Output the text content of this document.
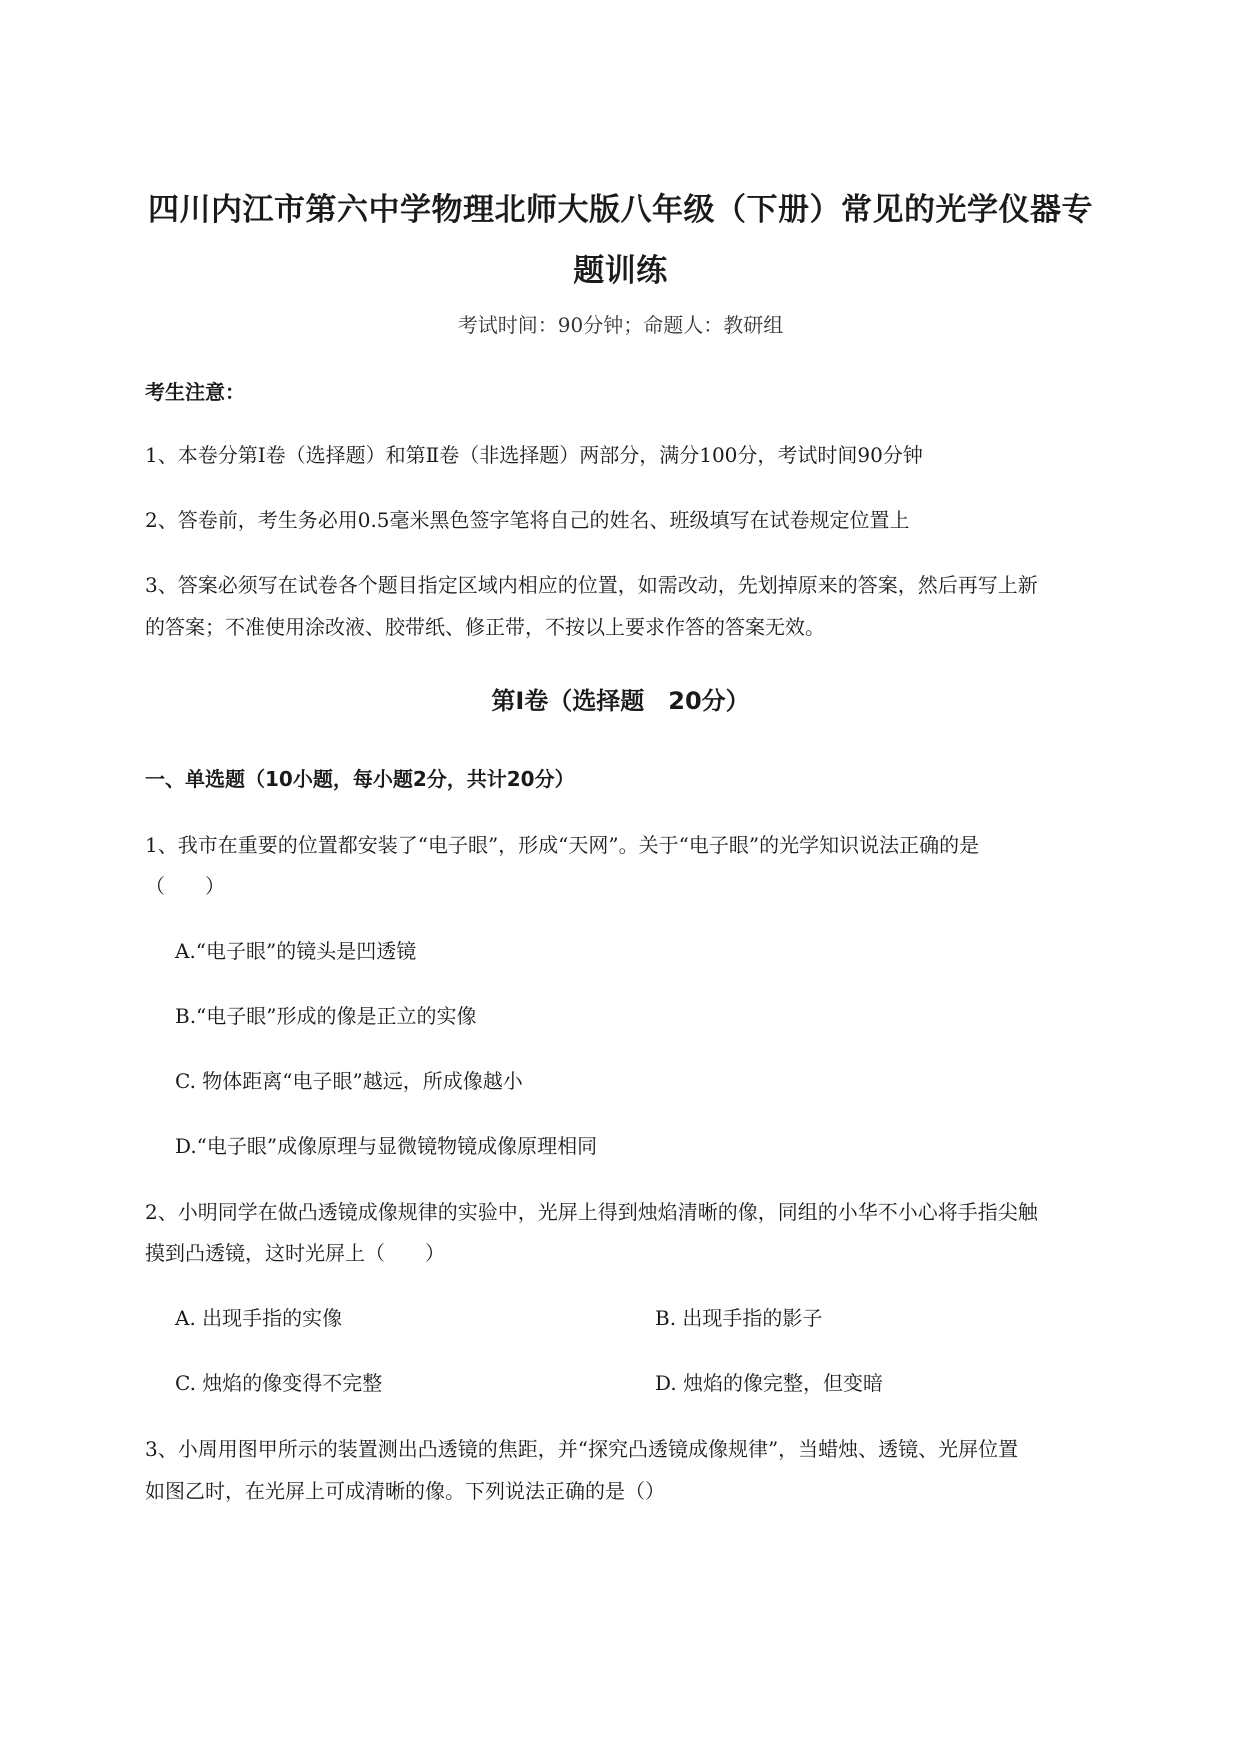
四川内江市第六中学物理北师大版八年级（下册）常见的光学仪器专
题训练
考试时间：90分钟；命题人：教研组
考生注意：
1、本卷分第Ⅰ卷（选择题）和第Ⅱ卷（非选择题）两部分，满分100分，考试时间90分钟
2、答卷前，考生务必用0.5毫米黑色签字笔将自己的姓名、班级填写在试卷规定位置上
3、答案必须写在试卷各个题目指定区域内相应的位置，如需改动，先划掉原来的答案，然后再写上新
的答案；不准使用涂改液、胶带纸、修正带，不按以上要求作答的答案无效。
第Ⅰ卷（选择题　20分）
一、单选题（10小题，每小题2分，共计20分）
1、我市在重要的位置都安装了“电子眼”，形成“天网”。关于“电子眼”的光学知识说法正确的是
（　　）
A.“电子眼”的镜头是凹透镜
B.“电子眼”形成的像是正立的实像
C. 物体距离“电子眼”越远，所成像越小
D.“电子眼”成像原理与显微镜物镜成像原理相同
2、小明同学在做凸透镜成像规律的实验中，光屏上得到烛焰清晰的像，同组的小华不小心将手指尖触
摸到凸透镜，这时光屏上（　　）
A. 出现手指的实像	B. 出现手指的影子
C. 烛焰的像变得不完整	D. 烛焰的像完整，但变暗
3、小周用图甲所示的装置测出凸透镜的焦距，并“探究凸透镜成像规律”，当蜡烛、透镜、光屏位置
如图乙时，在光屏上可成清晰的像。下列说法正确的是（）
